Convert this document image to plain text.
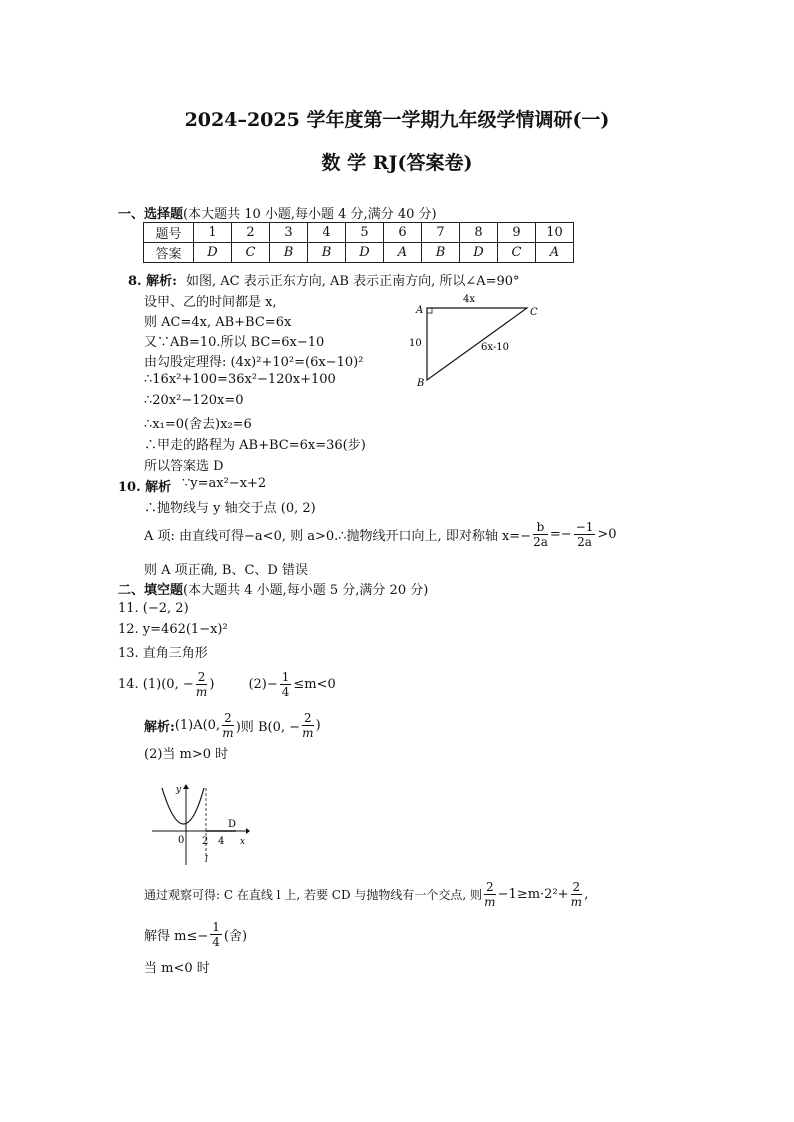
2024–2025 学年度第一学期九年级学情调研(一)
数 学 RJ(答案卷)
一、选择题(本大题共 10 小题,每小题 4 分,满分 40 分)
题号	1	2	3	4	5	6	7	8	9	10
答案	D	C	B	B	D	A	B	D	C	A
8. 解析: 如图, AC 表示正东方向, AB 表示正南方向, 所以∠A=90°
设甲、乙的时间都是 x,
则 AC=4x, AB+BC=6x
又∵AB=10.所以 BC=6x−10
由勾股定理得: (4x)²+10²=(6x−10)²
∴16x²+100=36x²−120x+100
∴20x²−120x=0
∴x₁=0(舍去)x₂=6
∴甲走的路程为 AB+BC=6x=36(步)
所以答案选 D
A	C
B
4x
10	6x-10
10. 解析 ∵y=ax²−x+2
∴抛物线与 y 轴交于点 (0, 2)
A 项: 由直线可得−a<0, 则 a>0.∴抛物线开口向上, 即对称轴 $x=- \frac{b}{2a} =- \frac{-1}{2a} >0$
则 A 项正确, B、C、D 错误
二、填空题(本大题共 4 小题,每小题 5 分,满分 20 分)
11. (−2, 2)
12. y=462(1−x)²
13. 直角三角形
14. (1)(0, − $\frac{2}{m}$ )	$(2)- \frac{1}{4} \le m<0$
解析:(1)A(0, $\frac{2}{m}$ )则 B(0, − $\frac{2}{m}$ )
(2)当 m>0 时
y
x
0 2 4
D
l
通过观察可得: C 在直线 l 上, 若要 CD 与抛物线有一个交点, 则 $\frac{2}{m} -1\ge m\cdot 2^2+ \frac{2}{m}$ ,
解得 $m\le- \frac{1}{4}$ (舍)
当 m<0 时
